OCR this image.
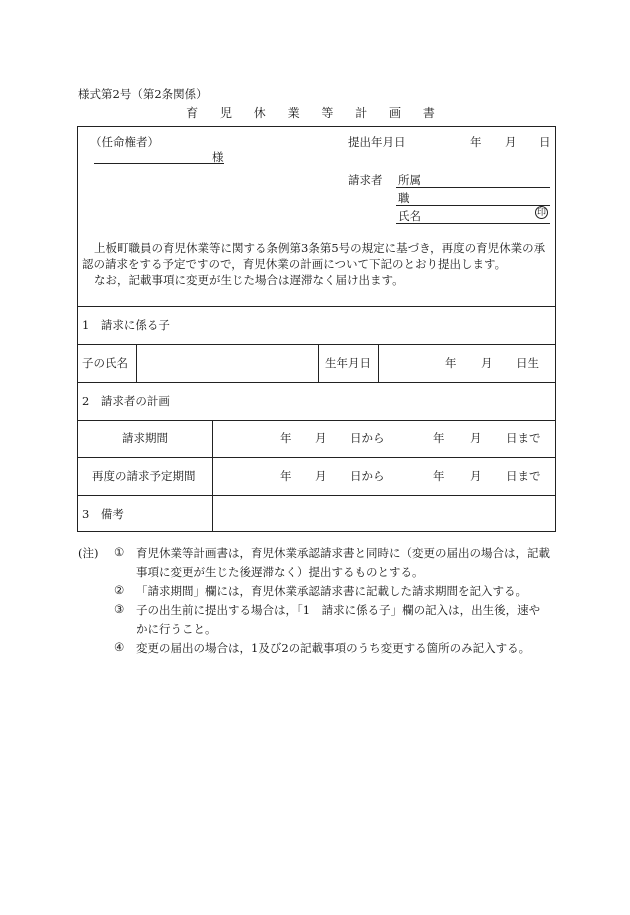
様式第2号（第2条関係）
育 児 休 業 等 計 画 書
（任命権者）
様
提出年月日	年 月 日
請求者 所属
職
氏名	印

上板町職員の育児休業等に関する条例第3条第5号の規定に基づき，再度の育児休業の承

認の請求をする予定ですので，育児休業の計画について下記のとおり提出します。

なお，記載事項に変更が生じた場合は遅滞なく届け出ます。

1　請求に係る子
子の氏名	生年月日	年 月 日生
2　請求者の計画
請求期間	年 月 日から	年 月 日まで
再度の請求予定期間	年 月 日から	年 月 日まで
3　備考
(注) ① 育児休業等計画書は，育児休業承認請求書と同時に（変更の届出の場合は，記載
事項に変更が生じた後遅滞なく）提出するものとする。
② 「請求期間」欄には，育児休業承認請求書に記載した請求期間を記入する。
③ 子の出生前に提出する場合は，「1　請求に係る子」欄の記入は，出生後，速や
かに行うこと。
④ 変更の届出の場合は，1及び2の記載事項のうち変更する箇所のみ記入する。
